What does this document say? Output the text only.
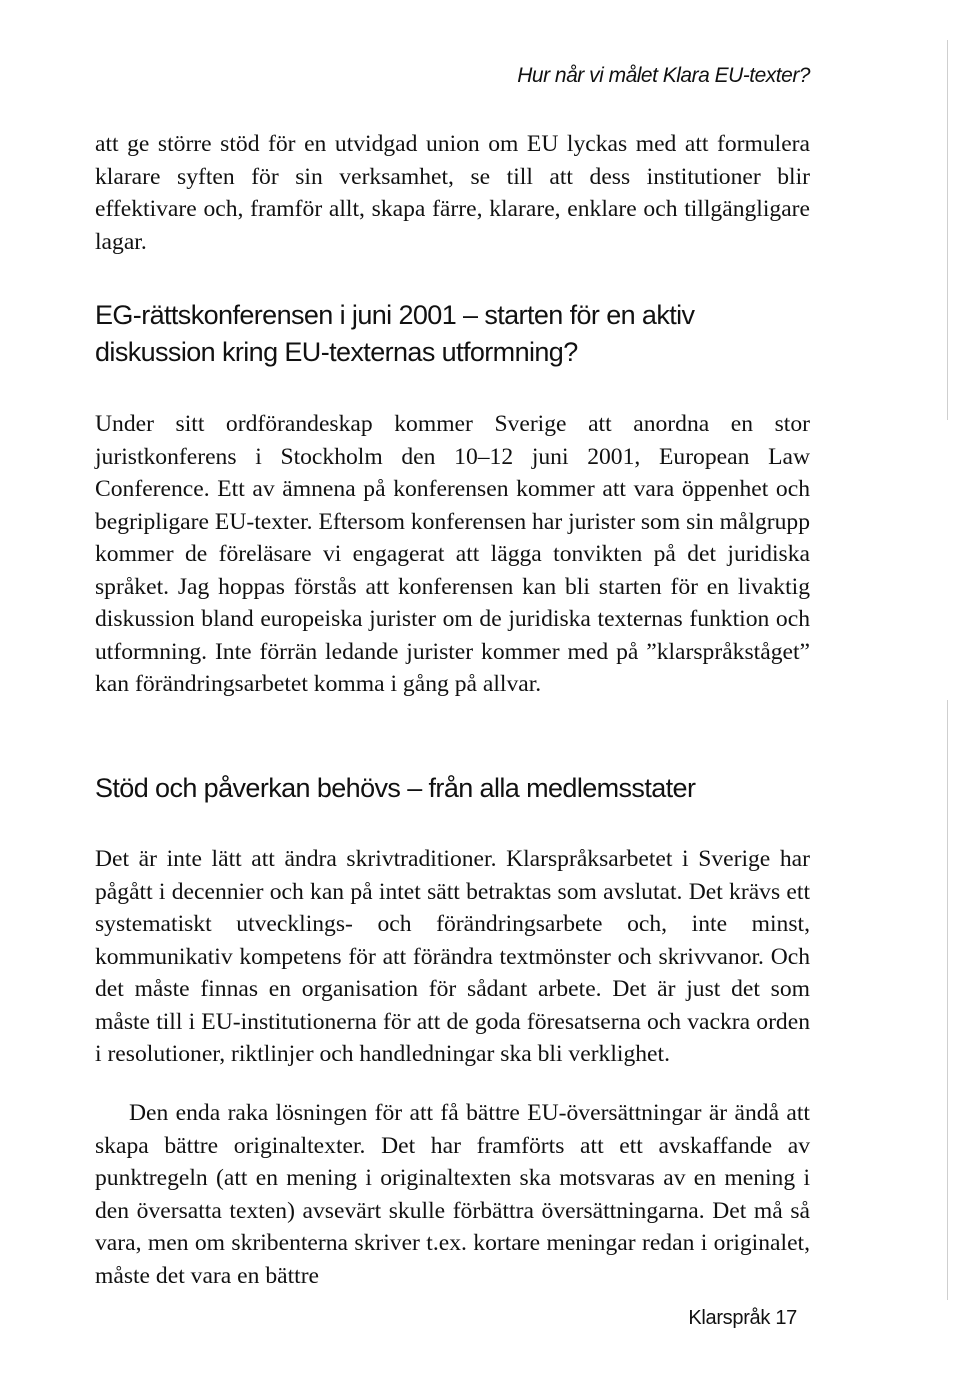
Hur når vi målet Klara EU-texter?

att ge större stöd för en utvidgad union om EU lyckas med att formulera klarare syften för sin verksamhet, se till att dess institutioner blir effektivare och, framför allt, skapa färre, klarare, enklare och tillgängligare lagar.

EG-rättskonferensen i juni 2001 – starten för en aktiv diskussion kring EU-texternas utformning?

Under sitt ordförandeskap kommer Sverige att anordna en stor juristkonferens i Stockholm den 10–12 juni 2001, European Law Conference. Ett av ämnena på konferensen kommer att vara öppenhet och begripligare EU-texter. Eftersom konferensen har jurister som sin målgrupp kommer de föreläsare vi engagerat att lägga tonvikten på det juridiska språket. Jag hoppas förstås att konferensen kan bli starten för en livaktig diskussion bland europeiska jurister om de juridiska texternas funktion och utformning. Inte förrän ledande jurister kommer med på ”klarspråkståget” kan förändringsarbetet komma i gång på allvar.

Stöd och påverkan behövs – från alla medlemsstater

Det är inte lätt att ändra skrivtraditioner. Klarspråksarbetet i Sverige har pågått i decennier och kan på intet sätt betraktas som avslutat. Det krävs ett systematiskt utvecklings- och förändringsarbete och, inte minst, kommunikativ kompetens för att förändra textmönster och skrivvanor. Och det måste finnas en organisation för sådant arbete. Det är just det som måste till i EU-institutionerna för att de goda föresatserna och vackra orden i resolutioner, riktlinjer och handledningar ska bli verklighet.

Den enda raka lösningen för att få bättre EU-översättningar är ändå att skapa bättre originaltexter. Det har framförts att ett avskaffande av punktregeln (att en mening i originaltexten ska motsvaras av en mening i den översatta texten) avsevärt skulle förbättra översättningarna. Det må så vara, men om skribenterna skriver t.ex. kortare meningar redan i originalet, måste det vara en bättre

Klarspråk 17
